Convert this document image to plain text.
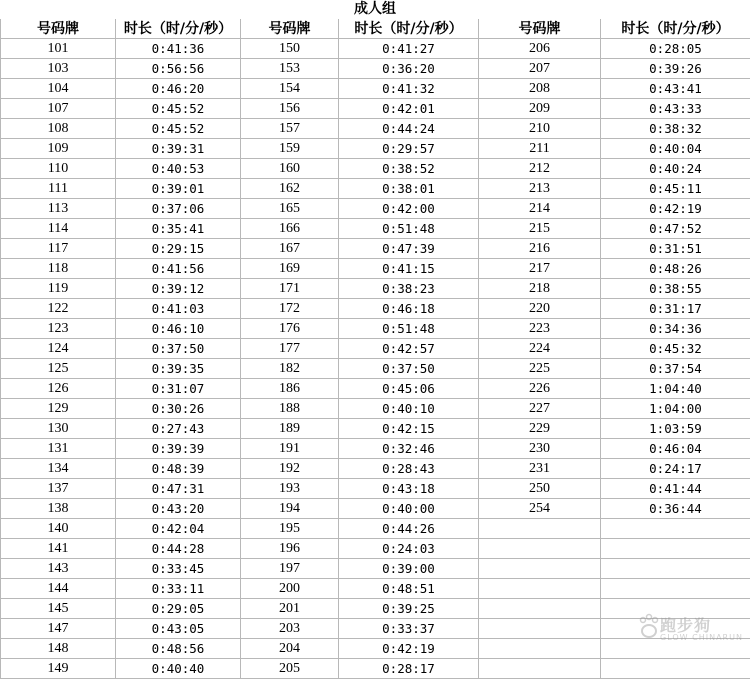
成人组
号码牌	时长（时/分/秒）	号码牌	时长（时/分/秒）	号码牌	时长（时/分/秒）
101	0:41:36	150	0:41:27	206	0:28:05
103	0:56:56	153	0:36:20	207	0:39:26
104	0:46:20	154	0:41:32	208	0:43:41
107	0:45:52	156	0:42:01	209	0:43:33
108	0:45:52	157	0:44:24	210	0:38:32
109	0:39:31	159	0:29:57	211	0:40:04
110	0:40:53	160	0:38:52	212	0:40:24
111	0:39:01	162	0:38:01	213	0:45:11
113	0:37:06	165	0:42:00	214	0:42:19
114	0:35:41	166	0:51:48	215	0:47:52
117	0:29:15	167	0:47:39	216	0:31:51
118	0:41:56	169	0:41:15	217	0:48:26
119	0:39:12	171	0:38:23	218	0:38:55
122	0:41:03	172	0:46:18	220	0:31:17
123	0:46:10	176	0:51:48	223	0:34:36
124	0:37:50	177	0:42:57	224	0:45:32
125	0:39:35	182	0:37:50	225	0:37:54
126	0:31:07	186	0:45:06	226	1:04:40
129	0:30:26	188	0:40:10	227	1:04:00
130	0:27:43	189	0:42:15	229	1:03:59
131	0:39:39	191	0:32:46	230	0:46:04
134	0:48:39	192	0:28:43	231	0:24:17
137	0:47:31	193	0:43:18	250	0:41:44
138	0:43:20	194	0:40:00	254	0:36:44
140	0:42:04	195	0:44:26		
141	0:44:28	196	0:24:03		
143	0:33:45	197	0:39:00		
144	0:33:11	200	0:48:51		
145	0:29:05	201	0:39:25		
147	0:43:05	203	0:33:37		
148	0:48:56	204	0:42:19		
149	0:40:40	205	0:28:17		
跑步狗
GLOW CHINARUN
